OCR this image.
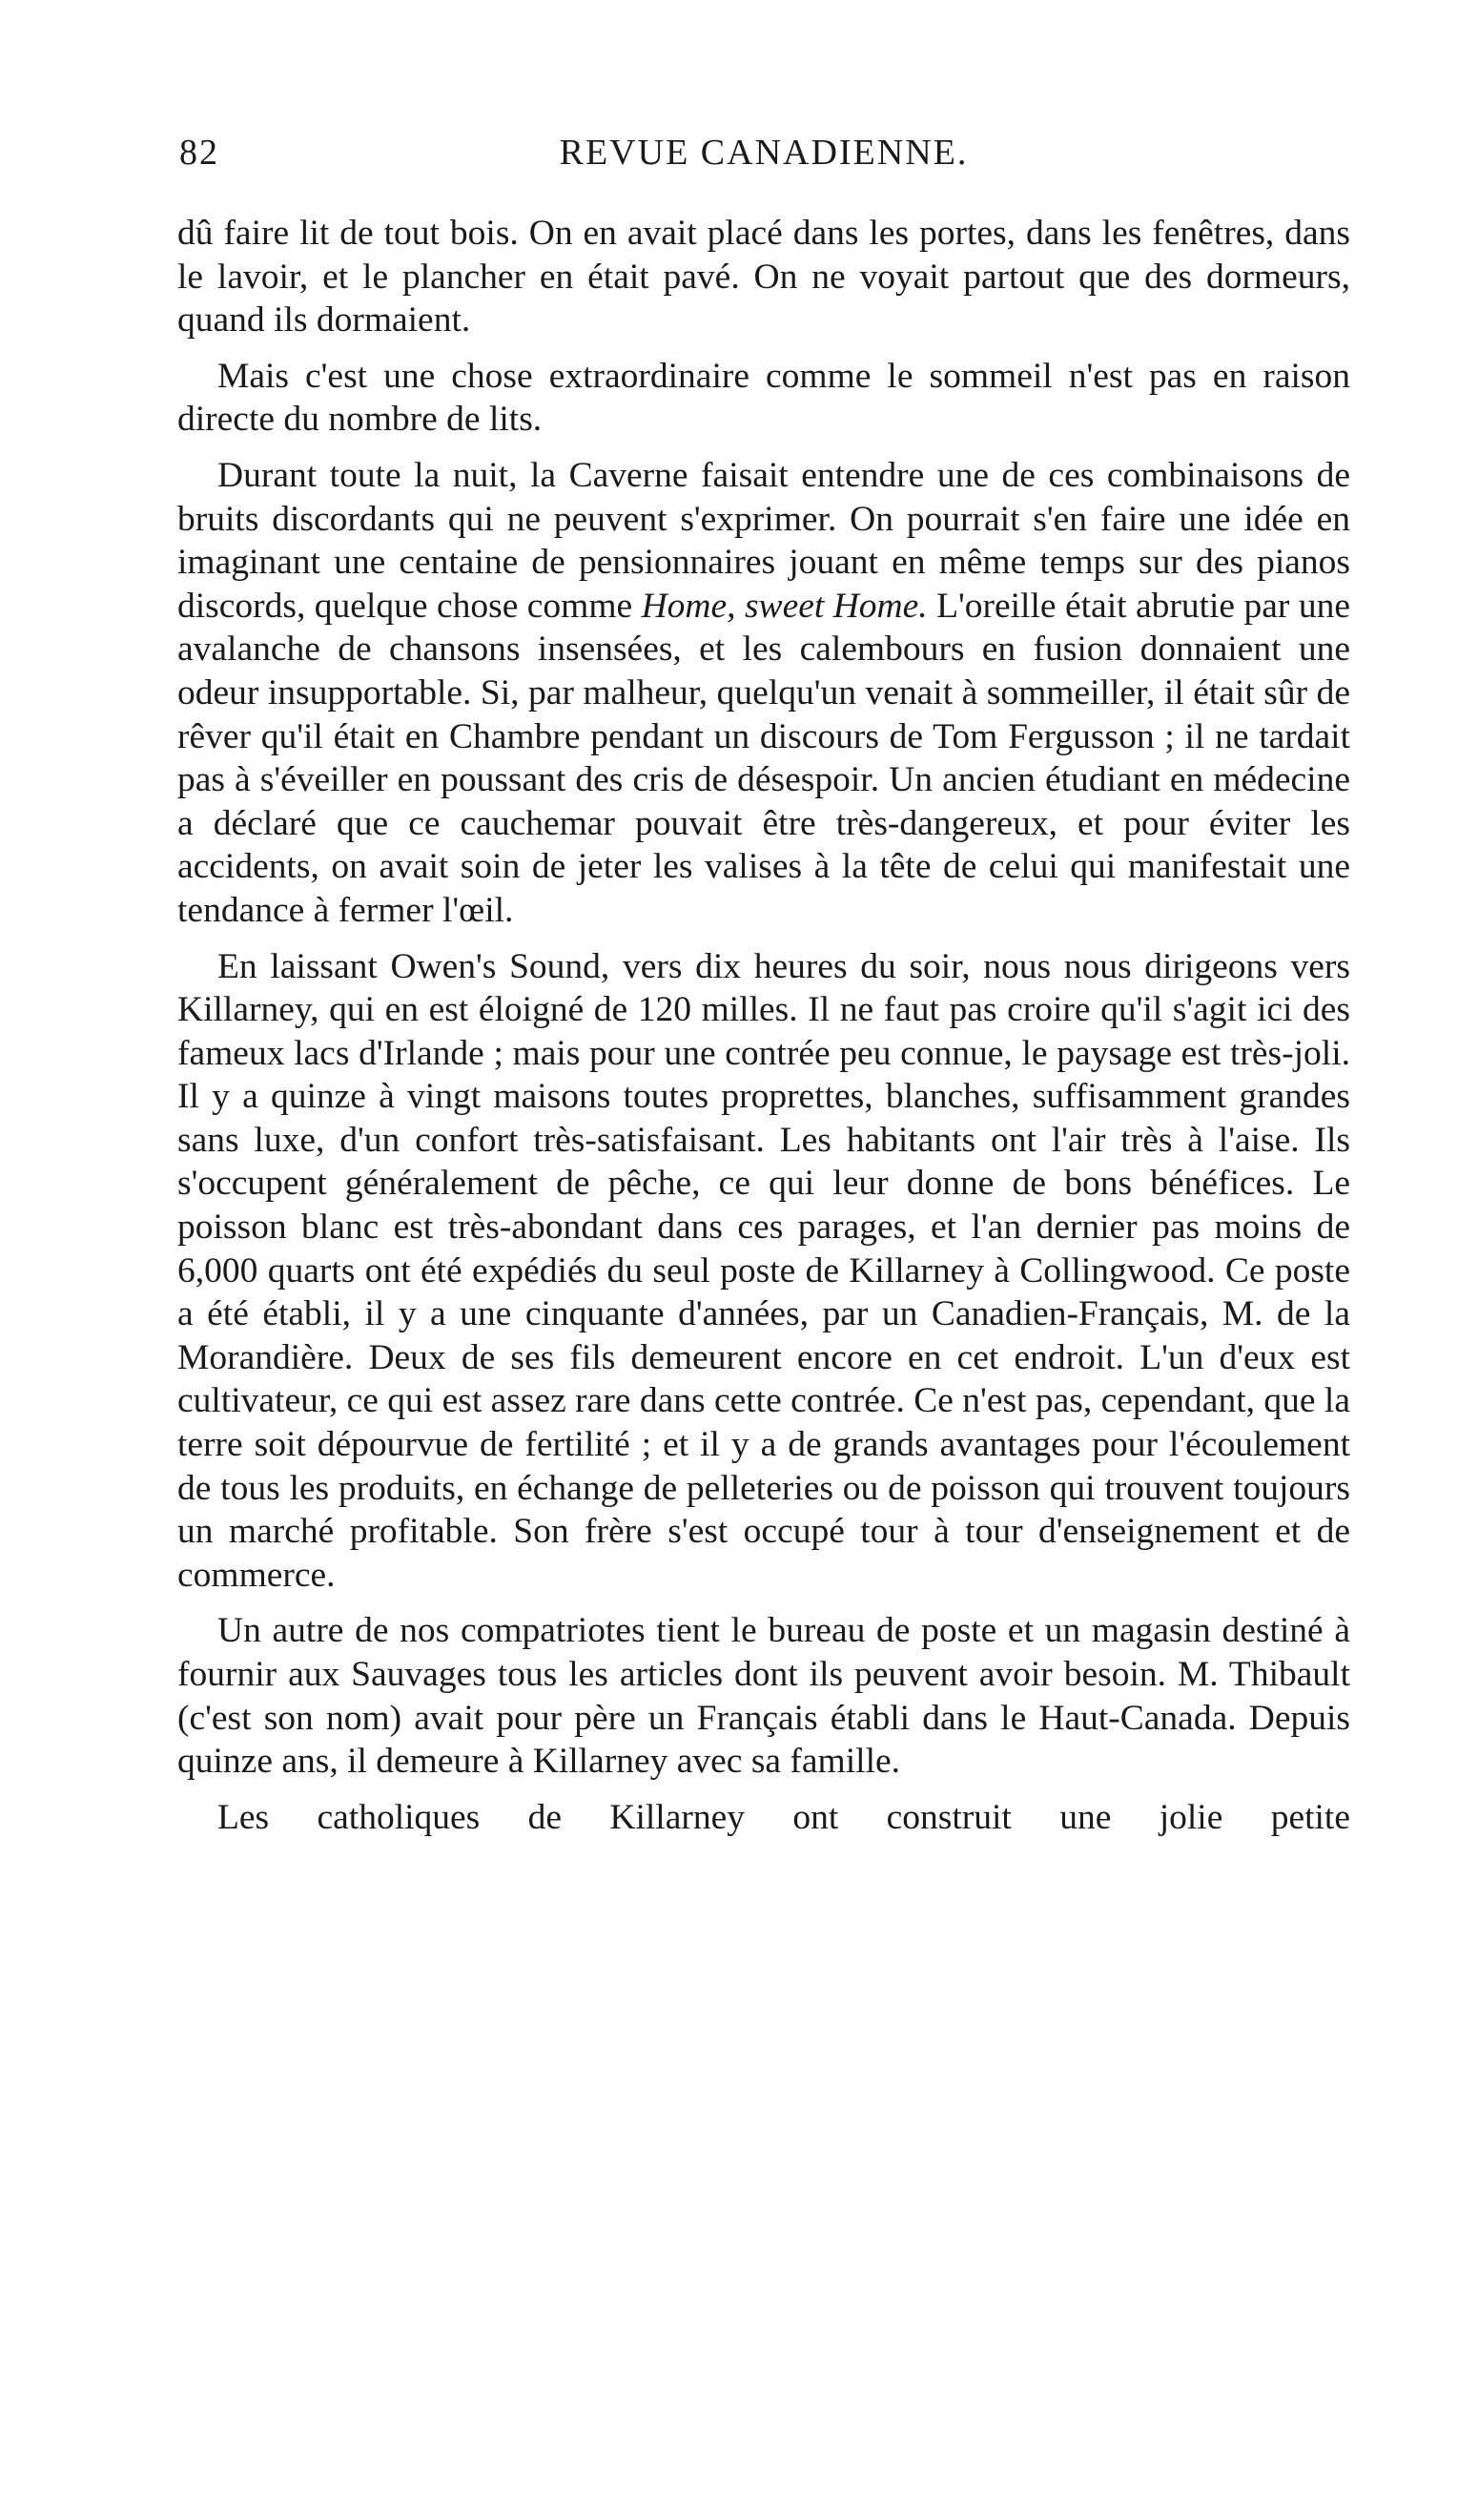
82	REVUE CANADIENNE.

dû faire lit de tout bois. On en avait placé dans les portes, dans les fenêtres, dans le lavoir, et le plancher en était pavé. On ne voyait partout que des dormeurs, quand ils dormaient.

Mais c'est une chose extraordinaire comme le sommeil n'est pas en raison directe du nombre de lits.

Durant toute la nuit, la Caverne faisait entendre une de ces combinaisons de bruits discordants qui ne peuvent s'exprimer. On pourrait s'en faire une idée en imaginant une centaine de pensionnaires jouant en même temps sur des pianos discords, quelque chose comme Home, sweet Home. L'oreille était abrutie par une avalanche de chansons insensées, et les calembours en fusion donnaient une odeur insupportable. Si, par malheur, quelqu'un venait à sommeiller, il était sûr de rêver qu'il était en Chambre pendant un discours de Tom Fergusson ; il ne tardait pas à s'éveiller en poussant des cris de désespoir. Un ancien étudiant en médecine a déclaré que ce cauchemar pouvait être très-dangereux, et pour éviter les accidents, on avait soin de jeter les valises à la tête de celui qui manifestait une tendance à fermer l'œil.

En laissant Owen's Sound, vers dix heures du soir, nous nous dirigeons vers Killarney, qui en est éloigné de 120 milles. Il ne faut pas croire qu'il s'agit ici des fameux lacs d'Irlande ; mais pour une contrée peu connue, le paysage est très-joli. Il y a quinze à vingt maisons toutes proprettes, blanches, suffisamment grandes sans luxe, d'un confort très-satisfaisant. Les habitants ont l'air très à l'aise. Ils s'occupent généralement de pêche, ce qui leur donne de bons bénéfices. Le poisson blanc est très-abondant dans ces parages, et l'an dernier pas moins de 6,000 quarts ont été expédiés du seul poste de Killarney à Collingwood. Ce poste a été établi, il y a une cinquante d'années, par un Canadien-Français, M. de la Morandière. Deux de ses fils demeurent encore en cet endroit. L'un d'eux est cultivateur, ce qui est assez rare dans cette contrée. Ce n'est pas, cependant, que la terre soit dépourvue de fertilité ; et il y a de grands avantages pour l'écoulement de tous les produits, en échange de pelleteries ou de poisson qui trouvent toujours un marché profitable. Son frère s'est occupé tour à tour d'enseignement et de commerce.

Un autre de nos compatriotes tient le bureau de poste et un magasin destiné à fournir aux Sauvages tous les articles dont ils peuvent avoir besoin. M. Thibault (c'est son nom) avait pour père un Français établi dans le Haut-Canada. Depuis quinze ans, il demeure à Killarney avec sa famille.

Les catholiques de Killarney ont construit une jolie petite
